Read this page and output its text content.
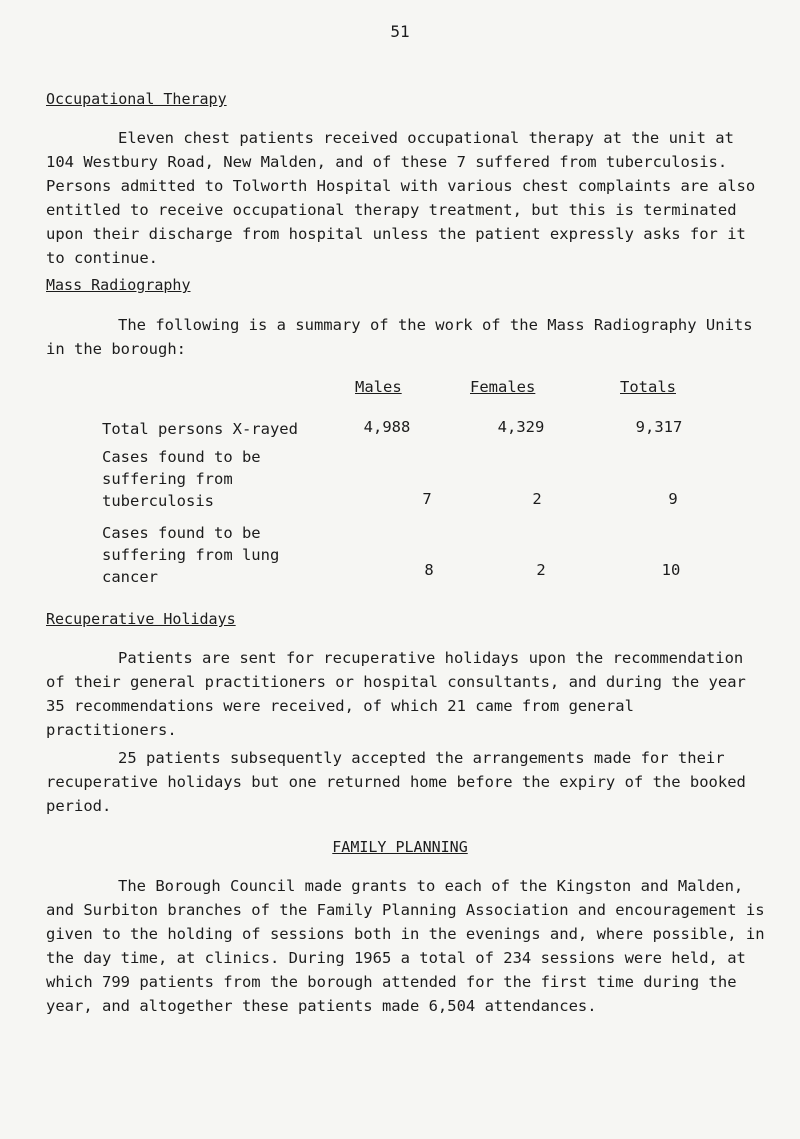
51
Occupational Therapy

Eleven chest patients received occupational therapy at the unit at 104 Westbury Road, New Malden, and of these 7 suffered from tuberculosis. Persons admitted to Tolworth Hospital with various chest complaints are also entitled to receive occupational therapy treatment, but this is terminated upon their discharge from hospital unless the patient expressly asks for it to continue.

Mass Radiography

The following is a summary of the work of the Mass Radiography Units in the borough:

Males	Females	Totals
Total persons X-rayed	4,988	4,329	9,317
Cases found to be suffering from tuberculosis	7	2	9
Cases found to be suffering from lung cancer	8	2	10
Recuperative Holidays

Patients are sent for recuperative holidays upon the recommendation of their general practitioners or hospital consultants, and during the year 35 recommendations were received, of which 21 came from general practitioners.

25 patients subsequently accepted the arrangements made for their recuperative holidays but one returned home before the expiry of the booked period.

FAMILY PLANNING

The Borough Council made grants to each of the Kingston and Malden, and Surbiton branches of the Family Planning Association and encouragement is given to the holding of sessions both in the evenings and, where possible, in the day time, at clinics. During 1965 a total of 234 sessions were held, at which 799 patients from the borough attended for the first time during the year, and altogether these patients made 6,504 attendances.
